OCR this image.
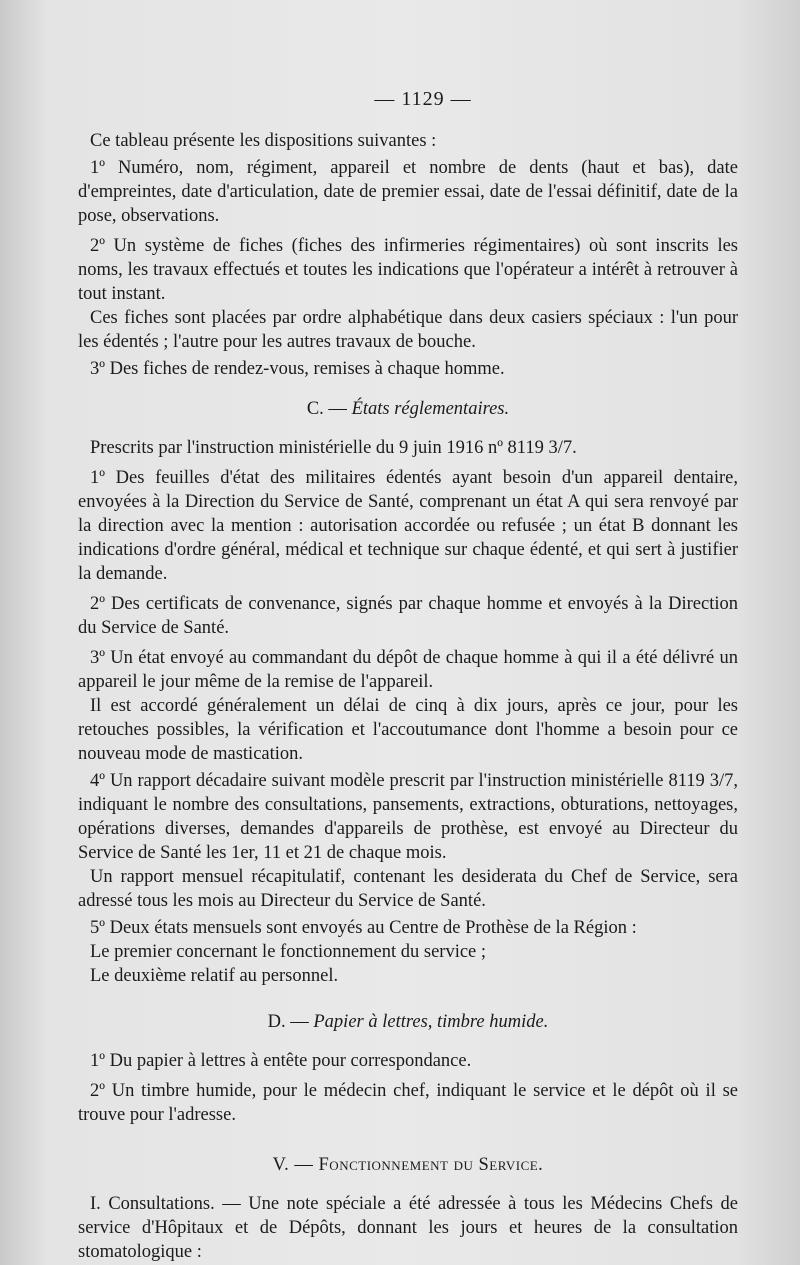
— 1129 —

Ce tableau présente les dispositions suivantes :

1º Numéro, nom, régiment, appareil et nombre de dents (haut et bas), date d'empreintes, date d'articulation, date de premier essai, date de l'essai définitif, date de la pose, observations.

2º Un système de fiches (fiches des infirmeries régimentaires) où sont inscrits les noms, les travaux effectués et toutes les indications que l'opérateur a intérêt à retrouver à tout instant.

Ces fiches sont placées par ordre alphabétique dans deux casiers spéciaux : l'un pour les édentés ; l'autre pour les autres travaux de bouche.

3º Des fiches de rendez-vous, remises à chaque homme.

C. — États réglementaires.

Prescrits par l'instruction ministérielle du 9 juin 1916 nº 8119 3/7.

1º Des feuilles d'état des militaires édentés ayant besoin d'un appareil dentaire, envoyées à la Direction du Service de Santé, comprenant un état A qui sera renvoyé par la direction avec la mention : autorisation accordée ou refusée ; un état B donnant les indications d'ordre général, médical et technique sur chaque édenté, et qui sert à justifier la demande.

2º Des certificats de convenance, signés par chaque homme et envoyés à la Direction du Service de Santé.

3º Un état envoyé au commandant du dépôt de chaque homme à qui il a été délivré un appareil le jour même de la remise de l'appareil.

Il est accordé généralement un délai de cinq à dix jours, après ce jour, pour les retouches possibles, la vérification et l'accoutumance dont l'homme a besoin pour ce nouveau mode de mastication.

4º Un rapport décadaire suivant modèle prescrit par l'instruction ministérielle 8119 3/7, indiquant le nombre des consultations, pansements, extractions, obturations, nettoyages, opérations diverses, demandes d'appareils de prothèse, est envoyé au Directeur du Service de Santé les 1er, 11 et 21 de chaque mois.

Un rapport mensuel récapitulatif, contenant les desiderata du Chef de Service, sera adressé tous les mois au Directeur du Service de Santé.

5º Deux états mensuels sont envoyés au Centre de Prothèse de la Région :

Le premier concernant le fonctionnement du service ;

Le deuxième relatif au personnel.

D. — Papier à lettres, timbre humide.

1º Du papier à lettres à entête pour correspondance.

2º Un timbre humide, pour le médecin chef, indiquant le service et le dépôt où il se trouve pour l'adresse.

V. — Fonctionnement du Service.

I. Consultations. — Une note spéciale a été adressée à tous les Médecins Chefs de service d'Hôpitaux et de Dépôts, donnant les jours et heures de la consultation stomatologique :
